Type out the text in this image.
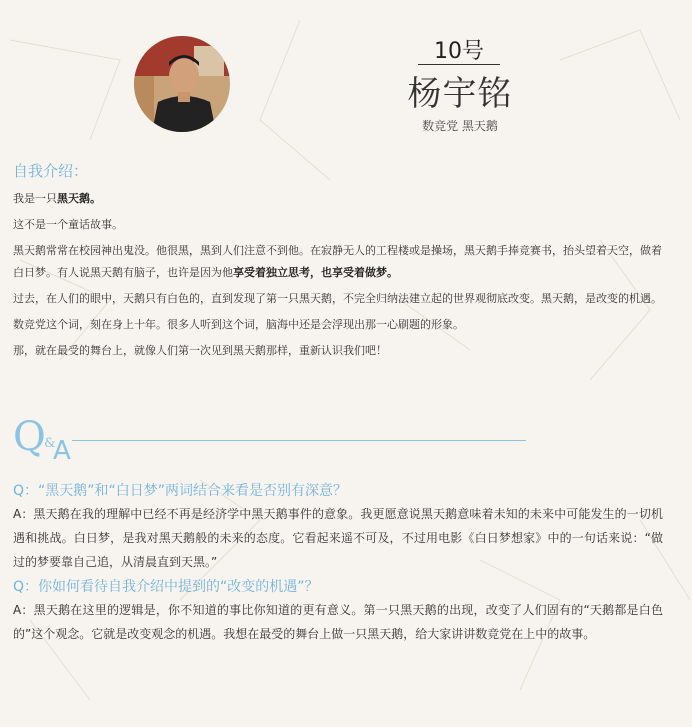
10号
杨宇铭
数竞党 黑天鹅
自我介绍：

我是一只黑天鹅。

这不是一个童话故事。

黑天鹅常常在校园神出鬼没。他很黑，黑到人们注意不到他。在寂静无人的工程楼或是操场，黑天鹅手捧竞赛书，抬头望着天空，做着白日梦。有人说黑天鹅有脑子，也许是因为他享受着独立思考，也享受着做梦。

过去，在人们的眼中，天鹅只有白色的，直到发现了第一只黑天鹅，不完全归纳法建立起的世界观彻底改变。黑天鹅，是改变的机遇。

数竞党这个词，刻在身上十年。很多人听到这个词，脑海中还是会浮现出那一心刷题的形象。

那，就在最受的舞台上，就像人们第一次见到黑天鹅那样，重新认识我们吧！

Q
&
A

Q：“黑天鹅”和“白日梦”两词结合来看是否别有深意？

A：黑天鹅在我的理解中已经不再是经济学中黑天鹅事件的意象。我更愿意说黑天鹅意味着未知的未来中可能发生的一切机遇和挑战。白日梦，是我对黑天鹅般的未来的态度。它看起来遥不可及，不过用电影《白日梦想家》中的一句话来说：“做过的梦要靠自己追，从清晨直到天黑。”

Q：你如何看待自我介绍中提到的“改变的机遇”？

A：黑天鹅在这里的逻辑是，你不知道的事比你知道的更有意义。第一只黑天鹅的出现，改变了人们固有的“天鹅都是白色的”这个观念。它就是改变观念的机遇。我想在最受的舞台上做一只黑天鹅，给大家讲讲数竞党在上中的故事。
